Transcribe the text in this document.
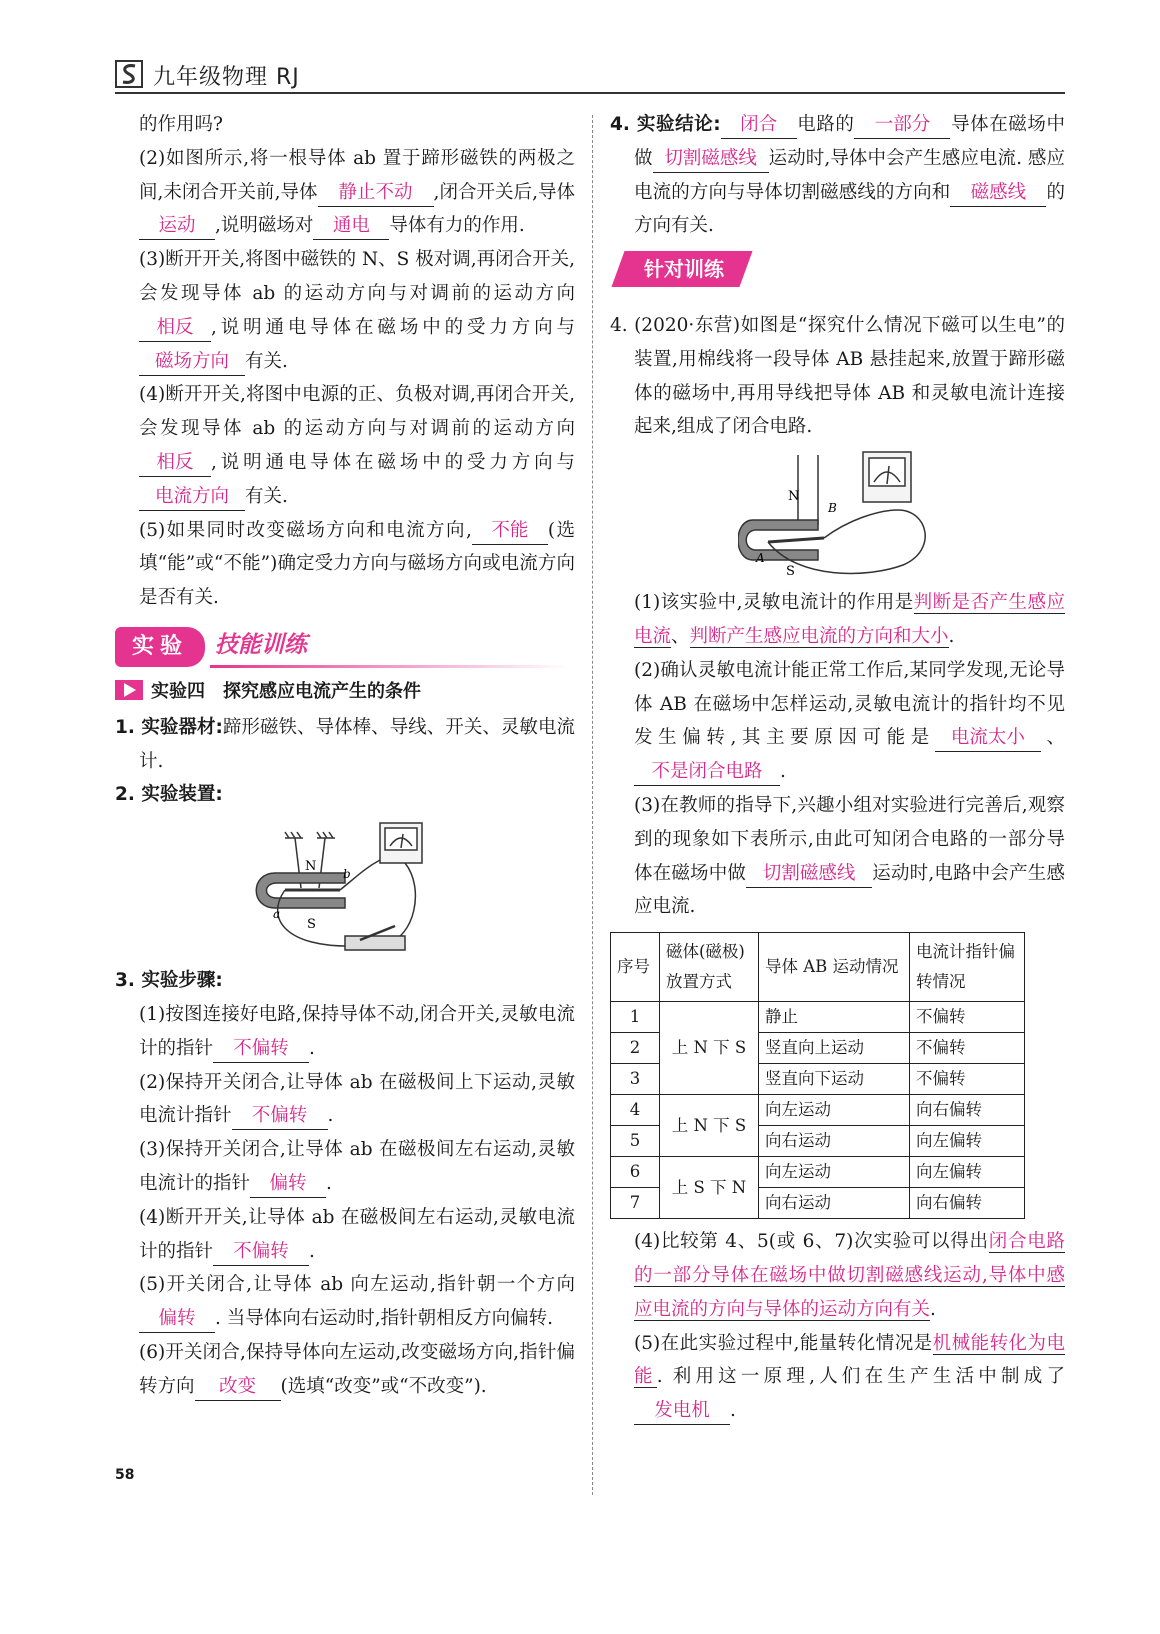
九年级物理 RJ

的作用吗?

(2)如图所示,将一根导体 ab 置于蹄形磁铁的两极之间,未闭合开关前,导体 静止不动 ,闭合开关后,导体运动 ,说明磁场对 通电 导体有力的作用.

(3)断开开关,将图中磁铁的 N、S 极对调,再闭合开关,会发现导体 ab 的运动方向与对调前的运动方向相反 ,说明通电导体在磁场中的受力方向与磁场方向 有关.

(4)断开开关,将图中电源的正、负极对调,再闭合开关,会发现导体 ab 的运动方向与对调前的运动方向相反 ,说明通电导体在磁场中的受力方向与电流方向 有关.

(5)如果同时改变磁场方向和电流方向, 不能 (选填“能”或“不能”)确定受力方向与磁场方向或电流方向是否有关.

实验	技能训练
实验四　探究感应电流产生的条件

1. 实验器材:蹄形磁铁、导体棒、导线、开关、灵敏电流计.

2. 实验装置:

N
S
a
b

3. 实验步骤:

(1)按图连接好电路,保持导体不动,闭合开关,灵敏电流计的指针 不偏转 .

(2)保持开关闭合,让导体 ab 在磁极间上下运动,灵敏电流计指针 不偏转 .

(3)保持开关闭合,让导体 ab 在磁极间左右运动,灵敏电流计的指针 偏转 .

(4)断开开关,让导体 ab 在磁极间左右运动,灵敏电流计的指针 不偏转 .

(5)开关闭合,让导体 ab 向左运动,指针朝一个方向偏转 . 当导体向右运动时,指针朝相反方向偏转.

(6)开关闭合,保持导体向左运动,改变磁场方向,指针偏转方向 改变 (选填“改变”或“不改变”).

4. 实验结论: 闭合 电路的 一部分 导体在磁场中做 切割磁感线 运动时,导体中会产生感应电流. 感应电流的方向与导体切割磁感线的方向和 磁感线 的方向有关.

针对训练

4. (2020·东营)如图是“探究什么情况下磁可以生电”的装置,用棉线将一段导体 AB 悬挂起来,放置于蹄形磁体的磁场中,再用导线把导体 AB 和灵敏电流计连接起来,组成了闭合电路.

N
S
A
B

(1)该实验中,灵敏电流计的作用是判断是否产生感应电流、判断产生感应电流的方向和大小.

(2)确认灵敏电流计能正常工作后,某同学发现,无论导体 AB 在磁场中怎样运动,灵敏电流计的指针均不见发生偏转,其主要原因可能是 电流太小 、不是闭合电路 .

(3)在教师的指导下,兴趣小组对实验进行完善后,观察到的现象如下表所示,由此可知闭合电路的一部分导体在磁场中做 切割磁感线 运动时,电路中会产生感应电流.

序号	磁体(磁极)放置方式	导体 AB 运动情况	电流计指针偏转情况
1	上 N 下 S	静止	不偏转
2		竖直向上运动	不偏转
3		竖直向下运动	不偏转
4	上 N 下 S	向左运动	向右偏转
5		向右运动	向左偏转
6	上 S 下 N	向左运动	向左偏转
7		向右运动	向右偏转

(4)比较第 4、5(或 6、7)次实验可以得出闭合电路的一部分导体在磁场中做切割磁感线运动,导体中感应电流的方向与导体的运动方向有关.

(5)在此实验过程中,能量转化情况是机械能转化为电能. 利用这一原理,人们在生产生活中制成了发电机 .

58
